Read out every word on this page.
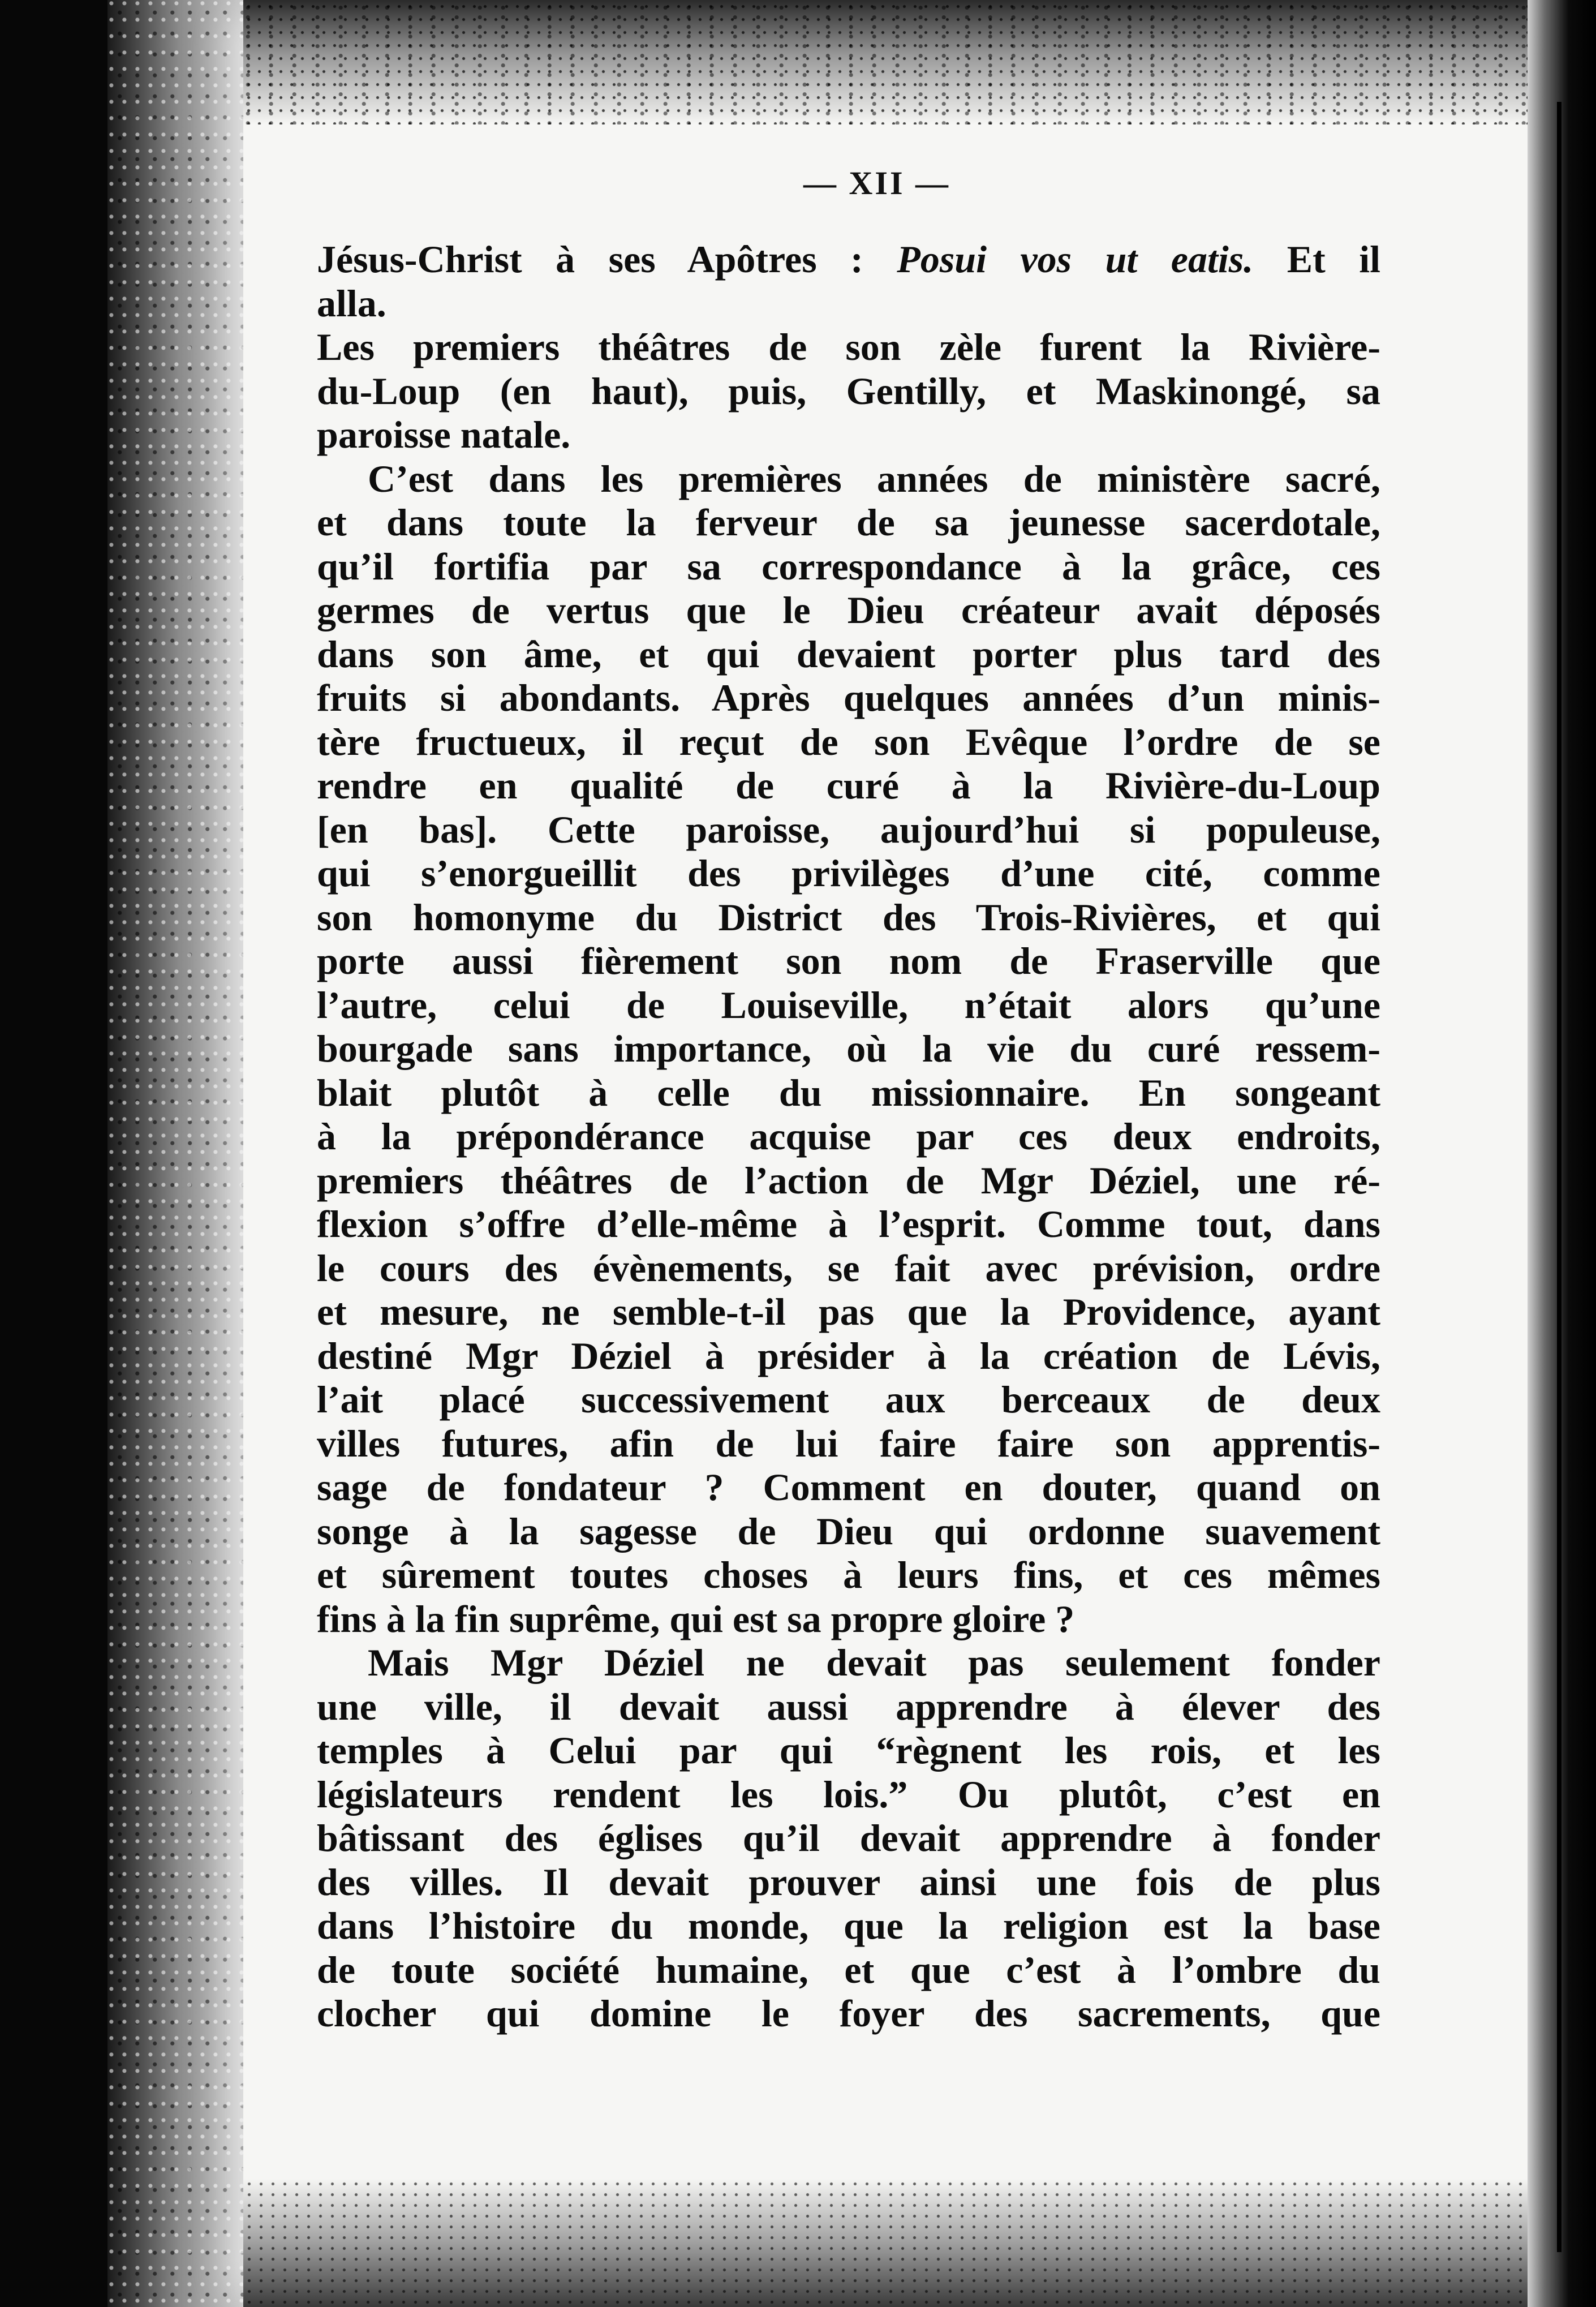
— XII —
Jésus-Christ à ses Apôtres : Posui vos ut eatis. Et il
alla.
Les premiers théâtres de son zèle furent la Rivière-
du-Loup (en haut), puis, Gentilly, et Maskinongé, sa
paroisse natale.
C’est dans les premières années de ministère sacré,
et dans toute la ferveur de sa jeunesse sacerdotale,
qu’il fortifia par sa correspondance à la grâce, ces
germes de vertus que le Dieu créateur avait déposés
dans son âme, et qui devaient porter plus tard des
fruits si abondants. Après quelques années d’un minis-
tère fructueux, il reçut de son Evêque l’ordre de se
rendre en qualité de curé à la Rivière-du-Loup
[en bas]. Cette paroisse, aujourd’hui si populeuse,
qui s’enorgueillit des privilèges d’une cité, comme
son homonyme du District des Trois-Rivières, et qui
porte aussi fièrement son nom de Fraserville que
l’autre, celui de Louiseville, n’était alors qu’une
bourgade sans importance, où la vie du curé ressem-
blait plutôt à celle du missionnaire. En songeant
à la prépondérance acquise par ces deux endroits,
premiers théâtres de l’action de Mgr Déziel, une ré-
flexion s’offre d’elle-même à l’esprit. Comme tout, dans
le cours des évènements, se fait avec prévision, ordre
et mesure, ne semble-t-il pas que la Providence, ayant
destiné Mgr Déziel à présider à la création de Lévis,
l’ait placé successivement aux berceaux de deux
villes futures, afin de lui faire faire son apprentis-
sage de fondateur ? Comment en douter, quand on
songe à la sagesse de Dieu qui ordonne suavement
et sûrement toutes choses à leurs fins, et ces mêmes
fins à la fin suprême, qui est sa propre gloire ?
Mais Mgr Déziel ne devait pas seulement fonder
une ville, il devait aussi apprendre à élever des
temples à Celui par qui “règnent les rois, et les
législateurs rendent les lois.” Ou plutôt, c’est en
bâtissant des églises qu’il devait apprendre à fonder
des villes. Il devait prouver ainsi une fois de plus
dans l’histoire du monde, que la religion est la base
de toute société humaine, et que c’est à l’ombre du
clocher qui domine le foyer des sacrements, que
